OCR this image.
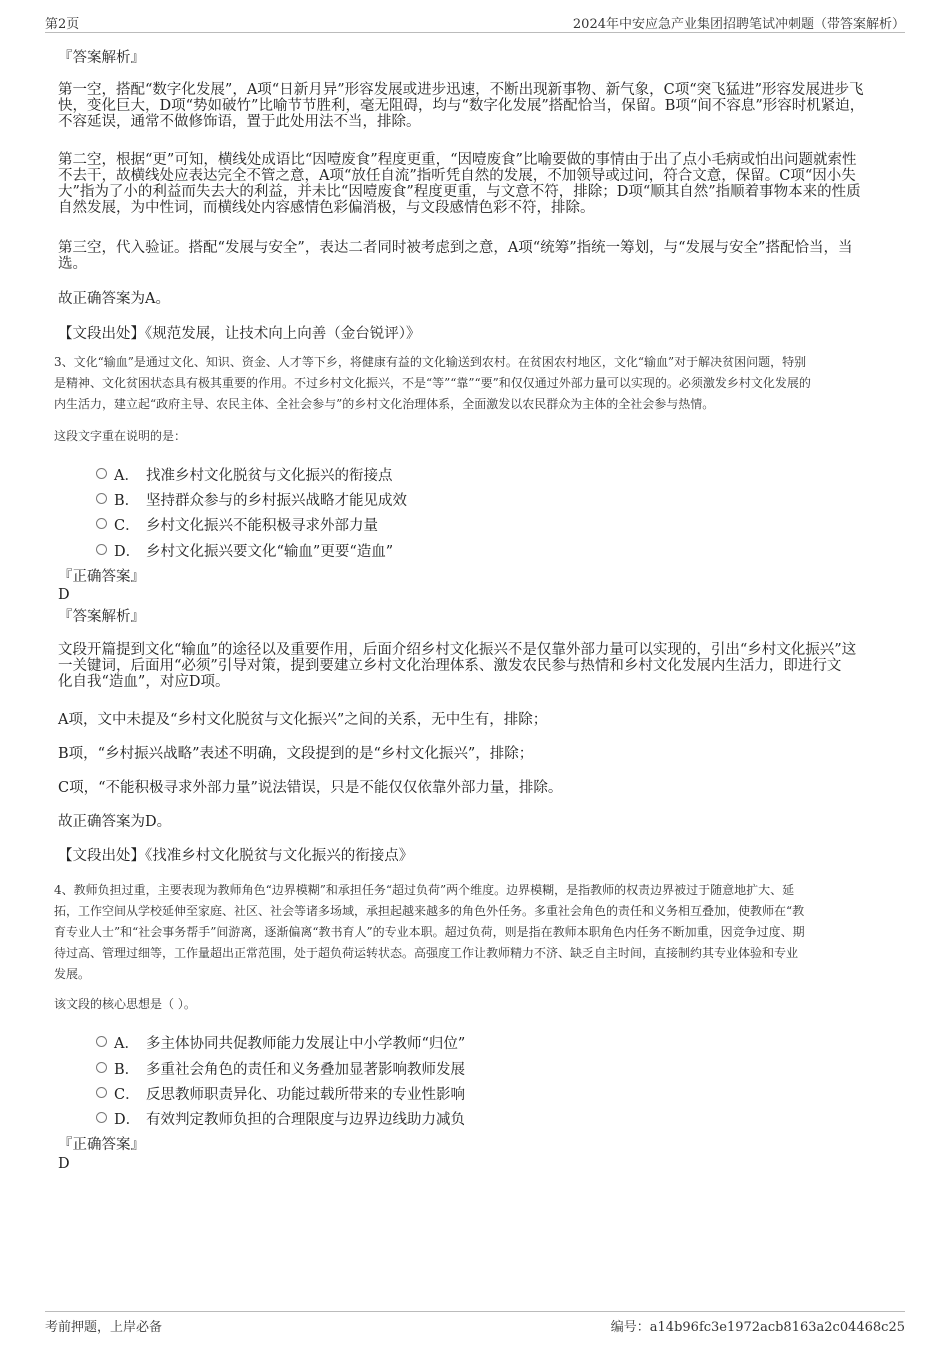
第2页	2024年中安应急产业集团招聘笔试冲刺题（带答案解析）
『答案解析』
第一空，搭配“数字化发展”，A项“日新月异”形容发展或进步迅速，不断出现新事物、新气象，C项“突飞猛进”形容发展进步飞
快，变化巨大，D项“势如破竹”比喻节节胜利，毫无阻碍，均与“数字化发展”搭配恰当，保留。B项“间不容息”形容时机紧迫，
不容延误，通常不做修饰语，置于此处用法不当，排除。
第二空，根据“更”可知，横线处成语比“因噎废食”程度更重，“因噎废食”比喻要做的事情由于出了点小毛病或怕出问题就索性
不去干，故横线处应表达完全不管之意，A项“放任自流”指听凭自然的发展，不加领导或过问，符合文意，保留。C项“因小失
大”指为了小的利益而失去大的利益，并未比“因噎废食”程度更重，与文意不符，排除；D项“顺其自然”指顺着事物本来的性质
自然发展，为中性词，而横线处内容感情色彩偏消极，与文段感情色彩不符，排除。
第三空，代入验证。搭配“发展与安全”，表达二者同时被考虑到之意，A项“统筹”指统一筹划，与“发展与安全”搭配恰当，当
选。
故正确答案为A。
【文段出处】《规范发展，让技术向上向善（金台锐评）》
3、文化“输血”是通过文化、知识、资金、人才等下乡，将健康有益的文化输送到农村。在贫困农村地区，文化“输血”对于解决贫困问题，特别
是精神、文化贫困状态具有极其重要的作用。不过乡村文化振兴，不是“等”“靠”“要”和仅仅通过外部力量可以实现的。必须激发乡村文化发展的
内生活力，建立起“政府主导、农民主体、全社会参与”的乡村文化治理体系，全面激发以农民群众为主体的全社会参与热情。
这段文字重在说明的是：
A． 找准乡村文化脱贫与文化振兴的衔接点
B． 坚持群众参与的乡村振兴战略才能见成效
C． 乡村文化振兴不能积极寻求外部力量
D． 乡村文化振兴要文化“输血”更要“造血”
『正确答案』
D
『答案解析』
文段开篇提到文化“输血”的途径以及重要作用，后面介绍乡村文化振兴不是仅靠外部力量可以实现的，引出“乡村文化振兴”这
一关键词，后面用“必须”引导对策，提到要建立乡村文化治理体系、激发农民参与热情和乡村文化发展内生活力，即进行文
化自我“造血”，对应D项。
A项，文中未提及“乡村文化脱贫与文化振兴”之间的关系，无中生有，排除；
B项，“乡村振兴战略”表述不明确，文段提到的是“乡村文化振兴”，排除；
C项，“不能积极寻求外部力量”说法错误，只是不能仅仅依靠外部力量，排除。
故正确答案为D。
【文段出处】《找准乡村文化脱贫与文化振兴的衔接点》
4、教师负担过重，主要表现为教师角色“边界模糊”和承担任务“超过负荷”两个维度。边界模糊，是指教师的权责边界被过于随意地扩大、延
拓，工作空间从学校延伸至家庭、社区、社会等诸多场域，承担起越来越多的角色外任务。多重社会角色的责任和义务相互叠加，使教师在“教
育专业人士”和“社会事务帮手”间游离，逐渐偏离“教书育人”的专业本职。超过负荷，则是指在教师本职角色内任务不断加重，因竞争过度、期
待过高、管理过细等，工作量超出正常范围，处于超负荷运转状态。高强度工作让教师精力不济、缺乏自主时间，直接制约其专业体验和专业
发展。
该文段的核心思想是（ ）。
A． 多主体协同共促教师能力发展让中小学教师“归位”
B． 多重社会角色的责任和义务叠加显著影响教师发展
C． 反思教师职责异化、功能过载所带来的专业性影响
D． 有效判定教师负担的合理限度与边界边线助力减负
『正确答案』
D
考前押题，上岸必备	编号：a14b96fc3e1972acb8163a2c04468c25
